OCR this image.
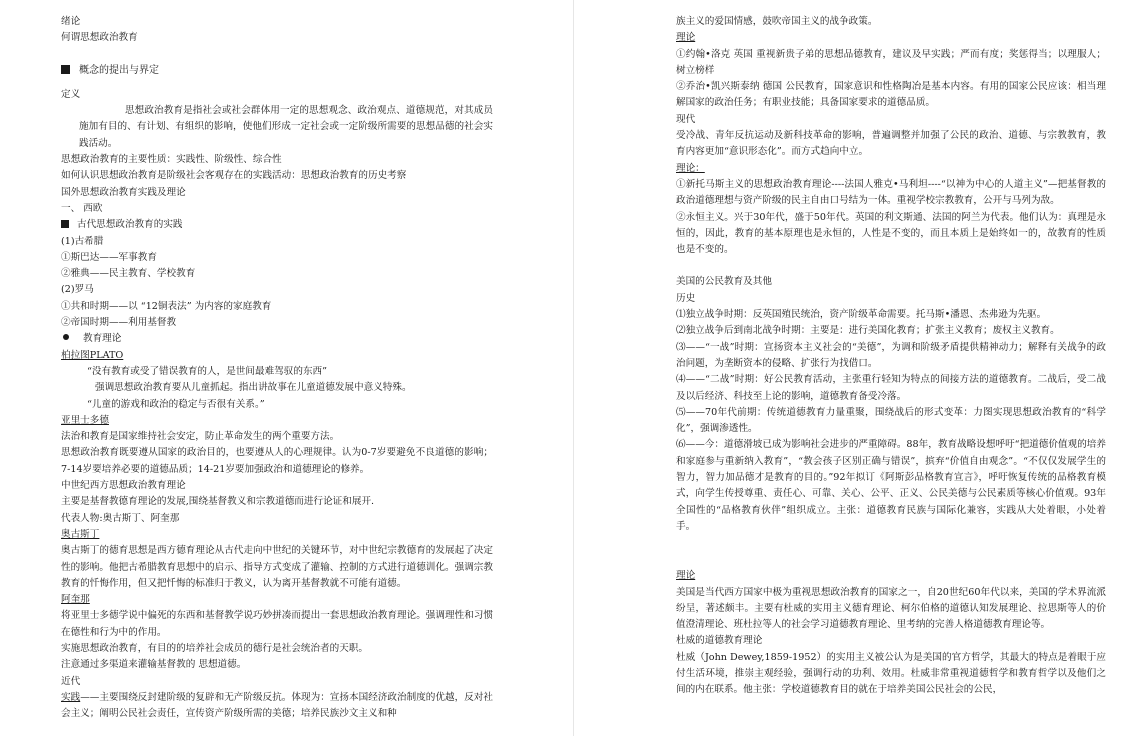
绪论
何谓思想政治教育
概念的提出与界定
定义
思想政治教育是指社会或社会群体用一定的思想观念、政治观点、道德规范，对其成员施加有目的、有计划、有组织的影响，使他们形成一定社会或一定阶级所需要的思想品德的社会实践活动。
思想政治教育的主要性质：实践性、阶级性、综合性
如何认识思想政治教育是阶级社会客观存在的实践活动：思想政治教育的历史考察
国外思想政治教育实践及理论
一、 西欧
古代思想政治教育的实践
(1)古希腊
①斯巴达——军事教育
②雅典——民主教育、学校教育
(2)罗马
①共和时期——以 “12铜表法” 为内容的家庭教育
②帝国时期——利用基督教
教育理论
柏拉图PLATO
“没有教育或受了错误教育的人，是世间最难驾驭的东西”
强调思想政治教育要从儿童抓起。指出讲故事在儿童道德发展中意义特殊。
“儿童的游戏和政治的稳定与否很有关系。”
亚里士多德
法治和教育是国家维持社会安定，防止革命发生的两个重要方法。
思想政治教育既要遵从国家的政治目的，也要遵从人的心理规律。认为0-7岁要避免不良道德的影响；7-14岁要培养必要的道德品质；14-21岁要加强政治和道德理论的修养。
中世纪西方思想政治教育理论
主要是基督教德育理论的发展,围绕基督教义和宗教道德而进行论证和展开.
代表人物:奥古斯丁、阿奎那
奥古斯丁
奥古斯丁的德育思想是西方德育理论从古代走向中世纪的关键环节，对中世纪宗教德育的发展起了决定性的影响。他把古希腊教育思想中的启示、指导方式变成了灌输、控制的方式进行道德训化。强调宗教教育的忏悔作用，但又把忏悔的标准归于教义，认为离开基督教就不可能有道德。
阿奎那
将亚里士多德学说中偏死的东西和基督教学说巧妙拼凑而提出一套思想政治教育理论。强调理性和习惯在德性和行为中的作用。
实施思想政治教育，有目的的培养社会成员的德行是社会统治者的天职。
注意通过多渠道来灌输基督教的 思想道德。
近代
实践——主要围绕反封建阶级的复辟和无产阶级反抗。体现为：宣扬本国经济政治制度的优越，反对社会主义；阐明公民社会责任，宣传资产阶级所需的美德；培养民族沙文主义和种
族主义的爱国情感，鼓吹帝国主义的战争政策。
理论
①约翰•洛克 英国 重视新贵子弟的思想品德教育，建议及早实践；严而有度；奖惩得当；以理服人；树立榜样
②乔治•凯兴斯泰纳 德国 公民教育，国家意识和性格陶冶是基本内容。有用的国家公民应该：相当理解国家的政治任务；有职业技能；具备国家要求的道德品质。
现代
受冷战、青年反抗运动及新科技革命的影响，普遍调整并加强了公民的政治、道德、与宗教教育，教育内容更加“意识形态化”。而方式趋向中立。
理论：
①新托马斯主义的思想政治教育理论----法国人雅克•马利坦----“以神为中心的人道主义”—把基督教的政治道德理想与资产阶级的民主自由口号结为一体。重视学校宗教教育，公开与马列为敌。
②永恒主义。兴于30年代，盛于50年代。英国的利文斯通、法国的阿兰为代表。他们认为：真理是永恒的，因此，教育的基本原理也是永恒的，人性是不变的，而且本质上是始终如一的，故教育的性质也是不变的。
美国的公民教育及其他
历史
⑴独立战争时期：反英国殖民统治，资产阶级革命需要。托马斯•潘恩、杰弗逊为先驱。
⑵独立战争后到南北战争时期：主要是：进行美国化教育；扩张主义教育；废权主义教育。
⑶——“一战”时期：宣扬资本主义社会的“美德”，为调和阶级矛盾提供精神动力；解释有关战争的政治问题，为垄断资本的侵略、扩张行为找借口。
⑷——“二战”时期：好公民教育活动，主张重行轻知为特点的间接方法的道德教育。二战后，受二战及以后经济、科技至上论的影响，道德教育备受冷落。
⑸——70年代前期：传统道德教育力量重聚，围绕战后的形式变革：力图实现思想政治教育的“科学化”，强调渗透性。
⑹——今：道德滑坡已成为影响社会进步的严重障碍。88年，教育战略设想呼吁“把道德价值观的培养和家庭参与重新纳入教育”，“教会孩子区别正确与错误”，摈弃“价值自由观念”。“不仅仅发展学生的智力，智力加品德才是教育的目的。”92年拟订《阿斯彭品格教育宣言》，呼吁恢复传统的品格教育模式，向学生传授尊重、责任心、可靠、关心、公平、正义、公民美德与公民素质等核心价值观。93年 全国性的“品格教育伙伴”组织成立。主张：道德教育民族与国际化兼容，实践从大处着眼，小处着手。
理论
美国是当代西方国家中极为重视思想政治教育的国家之一，自20世纪60年代以来，美国的学术界流派纷呈，著述颇丰。主要有杜威的实用主义德育理论、柯尔伯格的道德认知发展理论、拉思斯等人的价值澄清理论、班杜拉等人的社会学习道德教育理论、里考纳的完善人格道德教育理论等。
杜威的道德教育理论
杜威（John Dewey,1859-1952）的实用主义被公认为是美国的官方哲学，其最大的特点是着眼于应付生活环境，推崇主观经验，强调行动的功利、效用。杜威非常重视道德哲学和教育哲学以及他们之间的内在联系。他主张：学校道德教育目的就在于培养美国公民社会的公民，
